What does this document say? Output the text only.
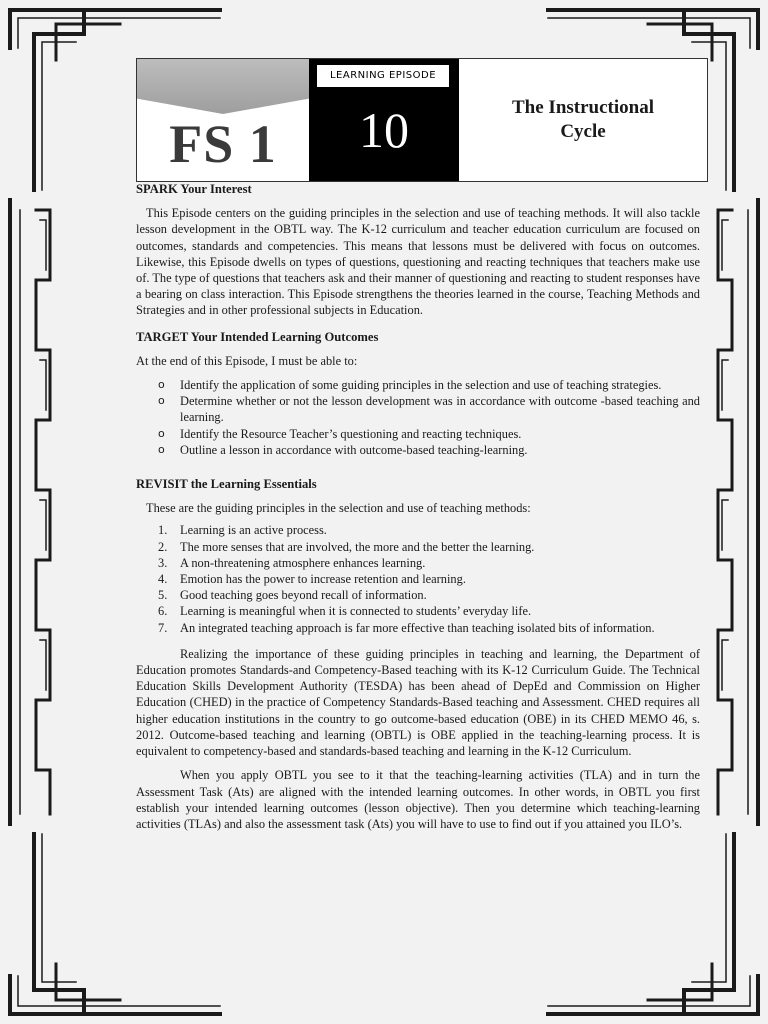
FS 1
LEARNING EPISODE
10	The Instructional Cycle
SPARK Your Interest

This Episode centers on the guiding principles in the selection and use of teaching methods. It will also tackle lesson development in the OBTL way. The K-12 curriculum and teacher education curriculum are focused on outcomes, standards and competencies. This means that lessons must be delivered with focus on outcomes. Likewise, this Episode dwells on types of questions, questioning and reacting techniques that teachers make use of. The type of questions that teachers ask and their manner of questioning and reacting to student responses have a bearing on class interaction. This Episode strengthens the theories learned in the course, Teaching Methods and Strategies and in other professional subjects in Education.

TARGET Your Intended Learning Outcomes

At the end of this Episode, I must be able to:

o Identify the application of some guiding principles in the selection and use of teaching strategies.
o Determine whether or not the lesson development was in accordance with outcome -based teaching and learning.
o Identify the Resource Teacher’s questioning and reacting techniques.
o Outline a lesson in accordance with outcome-based teaching-learning.
REVISIT the Learning Essentials

These are the guiding principles in the selection and use of teaching methods:

1. Learning is an active process.
2. The more senses that are involved, the more and the better the learning.
3. A non-threatening atmosphere enhances learning.
4. Emotion has the power to increase retention and learning.
5. Good teaching goes beyond recall of information.
6. Learning is meaningful when it is connected to students’ everyday life.
7. An integrated teaching approach is far more effective than teaching isolated bits of information.

Realizing the importance of these guiding principles in teaching and learning, the Department of Education promotes Standards-and Competency-Based teaching with its K-12 Curriculum Guide. The Technical Education Skills Development Authority (TESDA) has been ahead of DepEd and Commission on Higher Education (CHED) in the practice of Competency Standards-Based teaching and Assessment. CHED requires all higher education institutions in the country to go outcome-based education (OBE) in its CHED MEMO 46, s. 2012. Outcome-based teaching and learning (OBTL) is OBE applied in the teaching-learning process. It is equivalent to competency-based and standards-based teaching and learning in the K-12 Curriculum.

When you apply OBTL you see to it that the teaching-learning activities (TLA) and in turn the Assessment Task (Ats) are aligned with the intended learning outcomes. In other words, in OBTL you first establish your intended learning outcomes (lesson objective). Then you determine which teaching-learning activities (TLAs) and also the assessment task (Ats) you will have to use to find out if you attained you ILO’s.
